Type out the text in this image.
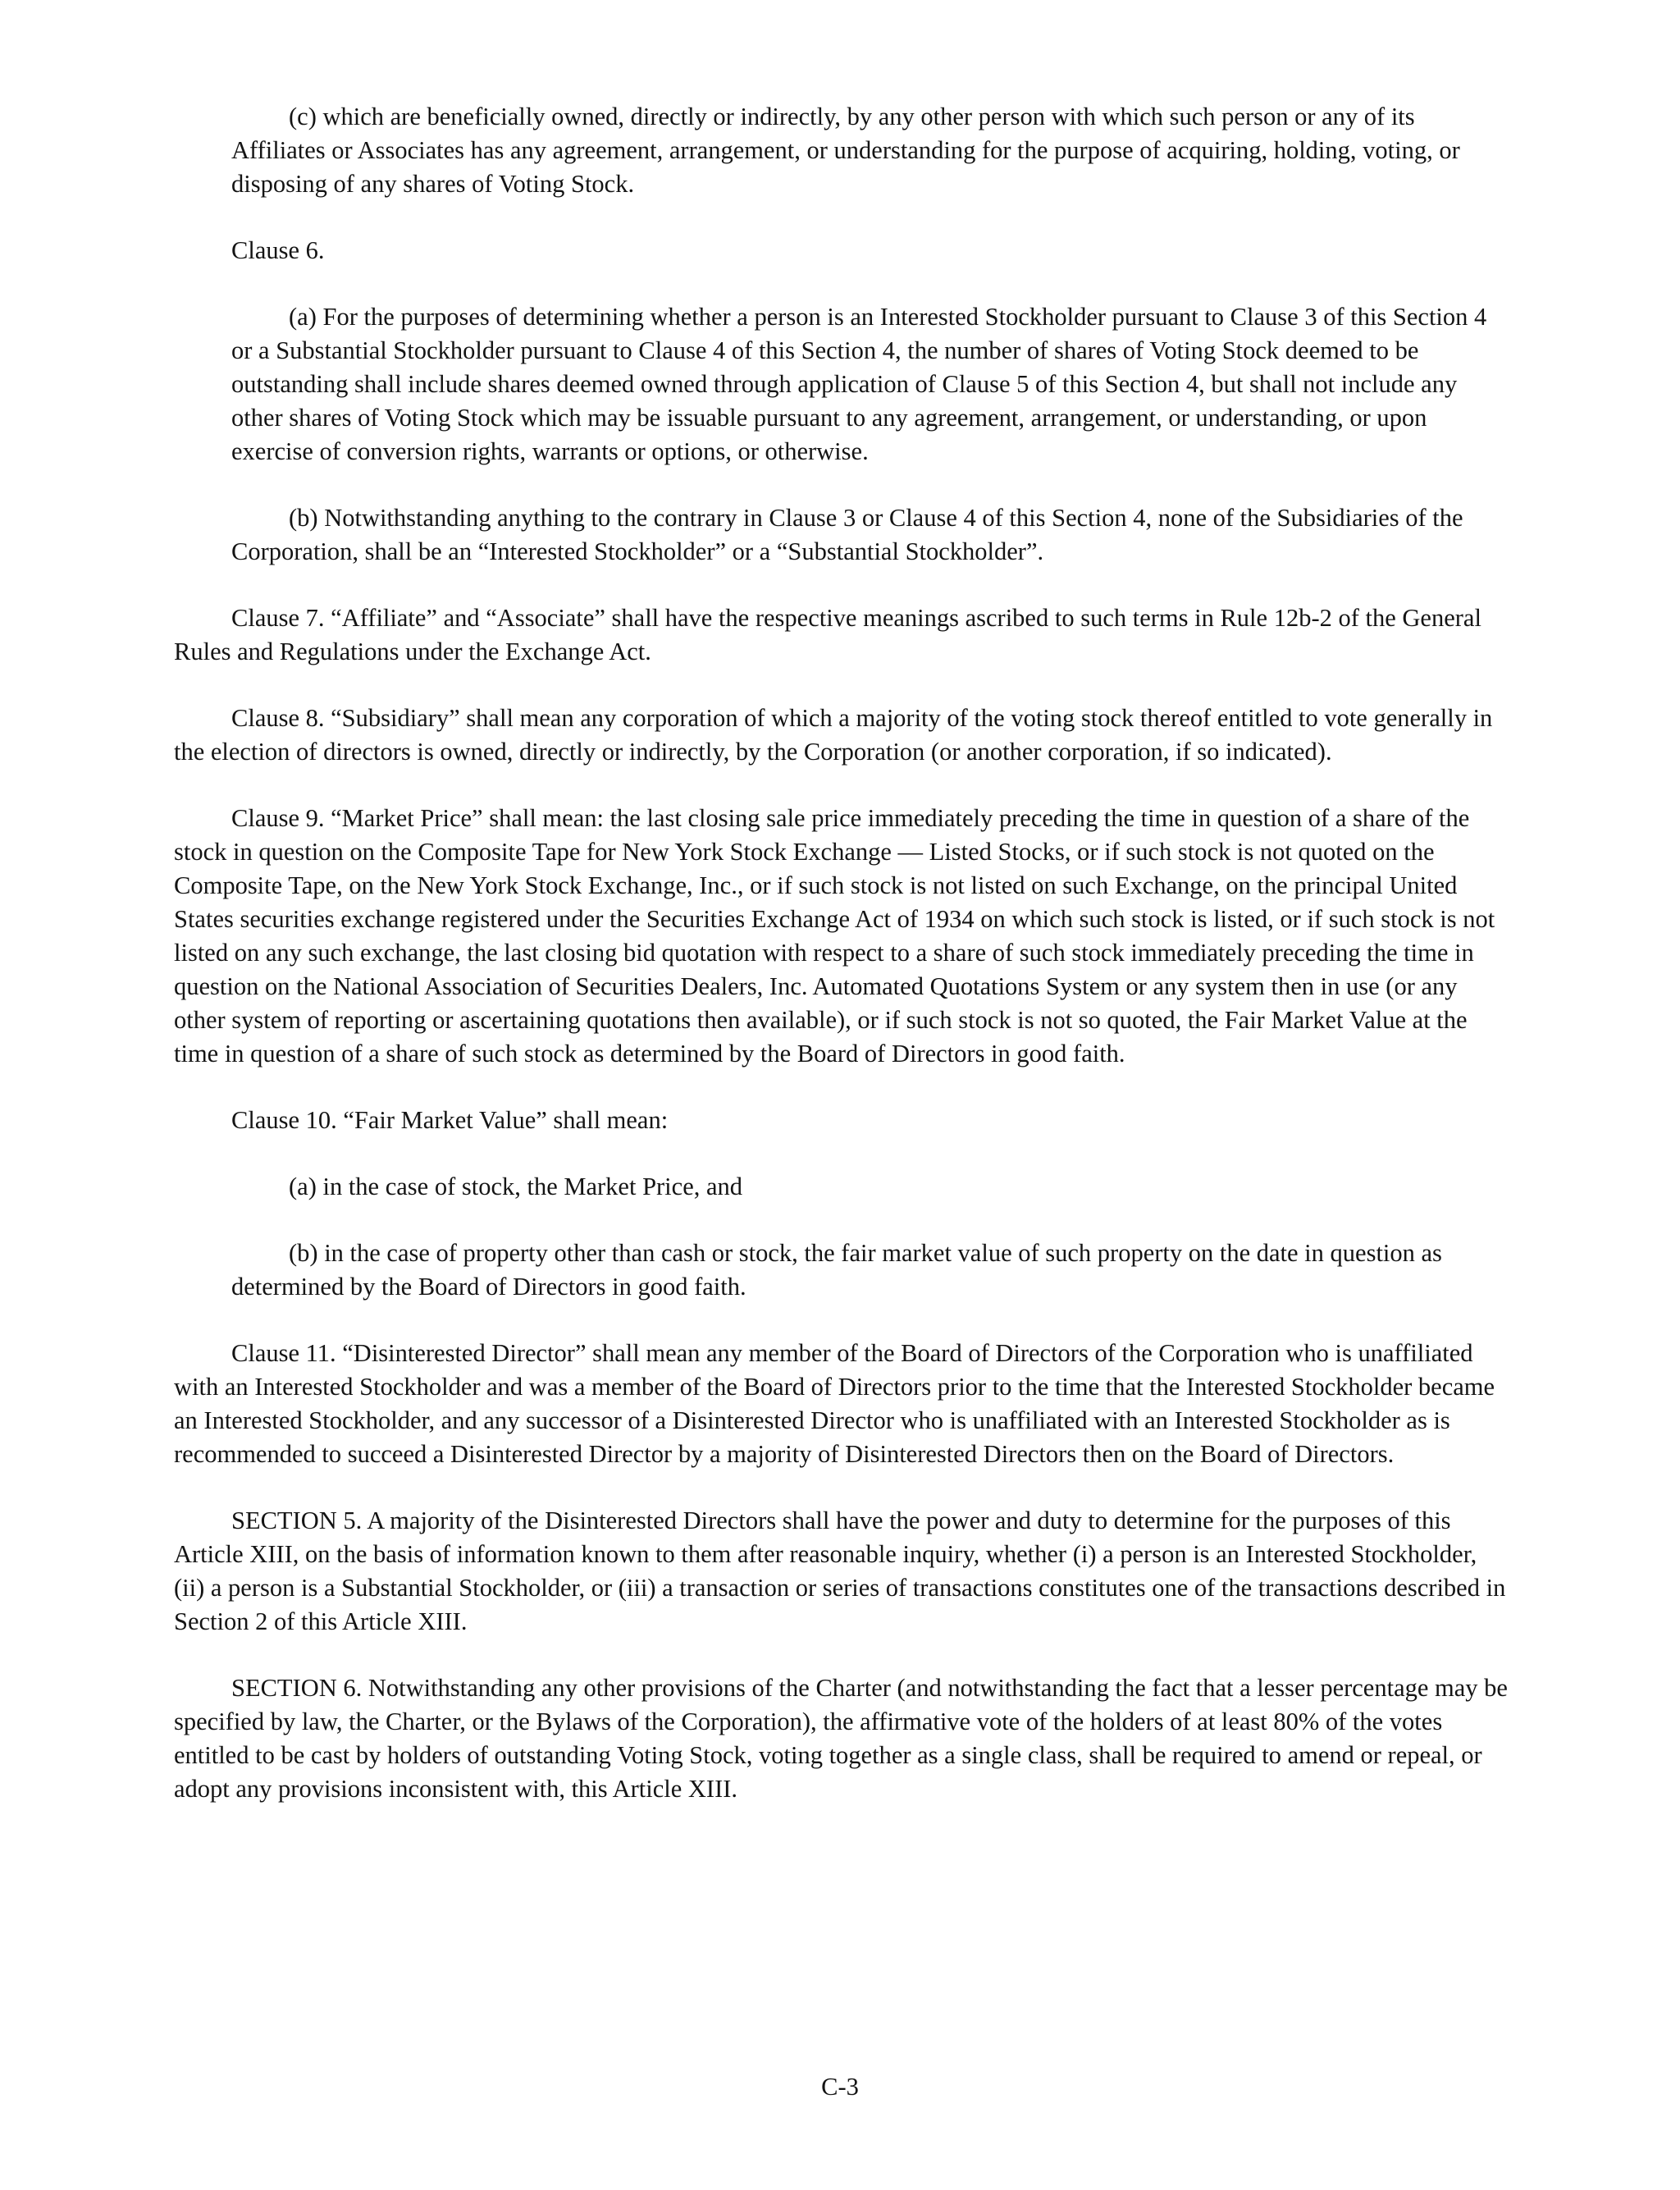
(c) which are beneficially owned, directly or indirectly, by any other person with which such person or any of its Affiliates or Associates has any agreement, arrangement, or understanding for the purpose of acquiring, holding, voting, or disposing of any shares of Voting Stock.

Clause 6.

(a) For the purposes of determining whether a person is an Interested Stockholder pursuant to Clause 3 of this Section 4 or a Substantial Stockholder pursuant to Clause 4 of this Section 4, the number of shares of Voting Stock deemed to be outstanding shall include shares deemed owned through application of Clause 5 of this Section 4, but shall not include any other shares of Voting Stock which may be issuable pursuant to any agreement, arrangement, or understanding, or upon exercise of conversion rights, warrants or options, or otherwise.

(b) Notwithstanding anything to the contrary in Clause 3 or Clause 4 of this Section 4, none of the Subsidiaries of the Corporation, shall be an “Interested Stockholder” or a “Substantial Stockholder”.

Clause 7. “Affiliate” and “Associate” shall have the respective meanings ascribed to such terms in Rule 12b-2 of the General Rules and Regulations under the Exchange Act.

Clause 8. “Subsidiary” shall mean any corporation of which a majority of the voting stock thereof entitled to vote generally in the election of directors is owned, directly or indirectly, by the Corporation (or another corporation, if so indicated).

Clause 9. “Market Price” shall mean: the last closing sale price immediately preceding the time in question of a share of the stock in question on the Composite Tape for New York Stock Exchange — Listed Stocks, or if such stock is not quoted on the Composite Tape, on the New York Stock Exchange, Inc., or if such stock is not listed on such Exchange, on the principal United States securities exchange registered under the Securities Exchange Act of 1934 on which such stock is listed, or if such stock is not listed on any such exchange, the last closing bid quotation with respect to a share of such stock immediately preceding the time in question on the National Association of Securities Dealers, Inc. Automated Quotations System or any system then in use (or any other system of reporting or ascertaining quotations then available), or if such stock is not so quoted, the Fair Market Value at the time in question of a share of such stock as determined by the Board of Directors in good faith.

Clause 10. “Fair Market Value” shall mean:

(a) in the case of stock, the Market Price, and

(b) in the case of property other than cash or stock, the fair market value of such property on the date in question as determined by the Board of Directors in good faith.

Clause 11. “Disinterested Director” shall mean any member of the Board of Directors of the Corporation who is unaffiliated with an Interested Stockholder and was a member of the Board of Directors prior to the time that the Interested Stockholder became an Interested Stockholder, and any successor of a Disinterested Director who is unaffiliated with an Interested Stockholder as is recommended to succeed a Disinterested Director by a majority of Disinterested Directors then on the Board of Directors.

SECTION 5. A majority of the Disinterested Directors shall have the power and duty to determine for the purposes of this Article XIII, on the basis of information known to them after reasonable inquiry, whether (i) a person is an Interested Stockholder, (ii) a person is a Substantial Stockholder, or (iii) a transaction or series of transactions constitutes one of the transactions described in Section 2 of this Article XIII.

SECTION 6. Notwithstanding any other provisions of the Charter (and notwithstanding the fact that a lesser percentage may be specified by law, the Charter, or the Bylaws of the Corporation), the affirmative vote of the holders of at least 80% of the votes entitled to be cast by holders of outstanding Voting Stock, voting together as a single class, shall be required to amend or repeal, or adopt any provisions inconsistent with, this Article XIII.

C-3
